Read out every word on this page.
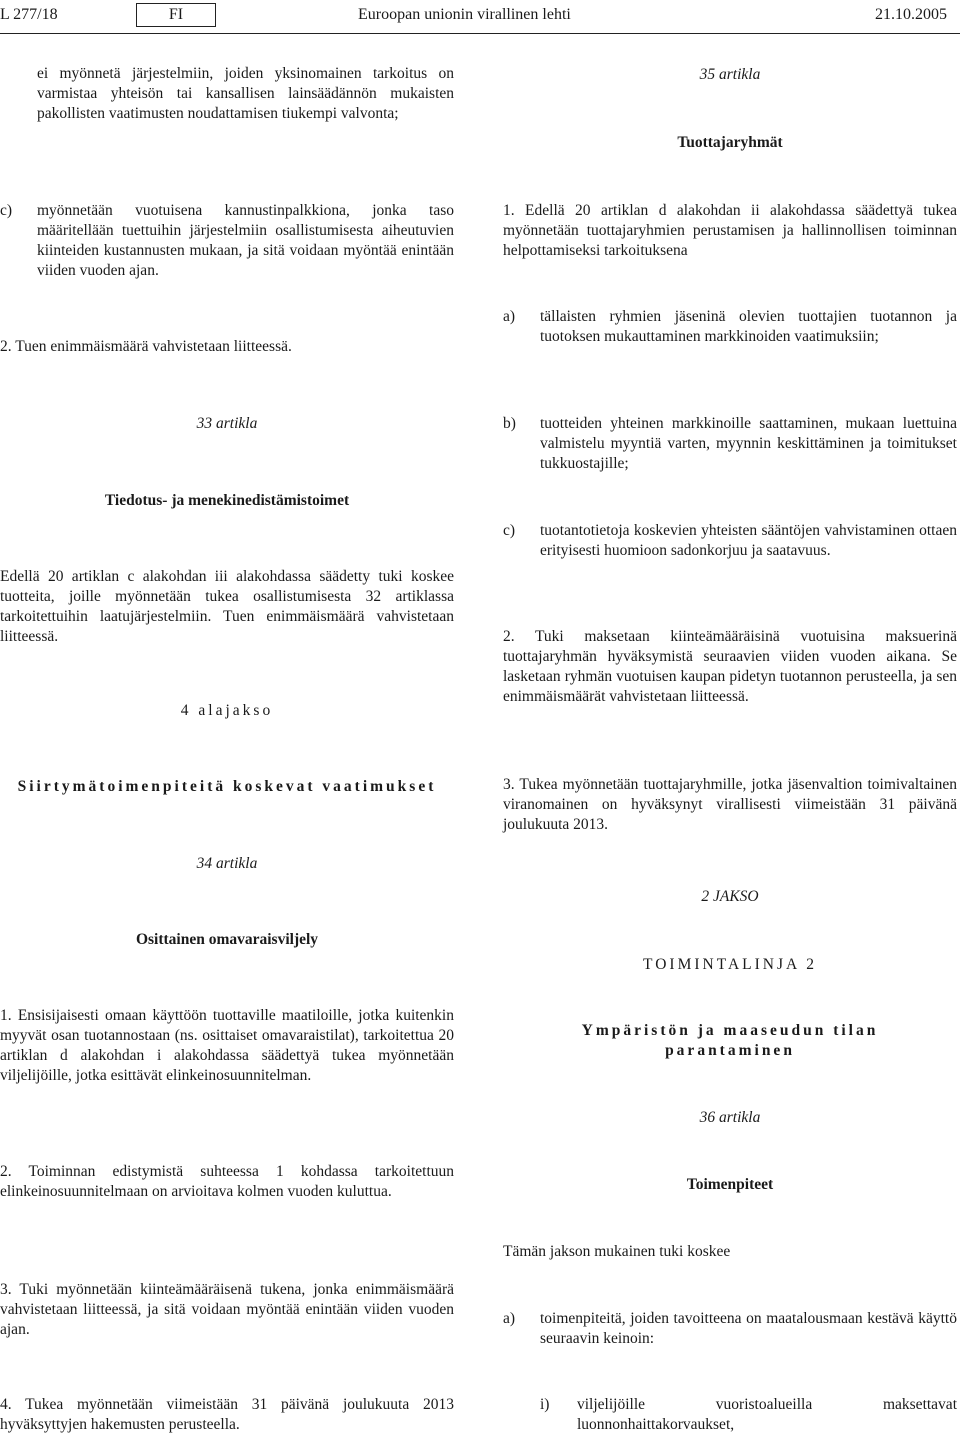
L 277/18	FI	Euroopan unionin virallinen lehti	21.10.2005
ei myönnetä järjestelmiin, joiden yksinomainen tarkoitus on varmistaa yhteisön tai kansallisen lainsäädännön mukaisten pakollisten vaatimusten noudattamisen tiukempi valvonta;
c) myönnetään vuotuisena kannustinpalkkiona, jonka taso määritellään tuettuihin järjestelmiin osallistumisesta aiheutuvien kiinteiden kustannusten mukaan, ja sitä voidaan myöntää enintään viiden vuoden ajan.
2. Tuen enimmäismäärä vahvistetaan liitteessä.
33 artikla
Tiedotus- ja menekinedistämistoimet
Edellä 20 artiklan c alakohdan iii alakohdassa säädetty tuki koskee tuotteita, joille myönnetään tukea osallistumisesta 32 artiklassa tarkoitettuihin laatujärjestelmiin. Tuen enimmäismäärä vahvistetaan liitteessä.
4 alajakso
Siirtymätoimenpiteitä koskevat vaatimukset
34 artikla
Osittainen omavaraisviljely
1. Ensisijaisesti omaan käyttöön tuottaville maatiloille, jotka kuitenkin myyvät osan tuotannostaan (ns. osittaiset omavaraistilat), tarkoitettua 20 artiklan d alakohdan i alakohdassa säädettyä tukea myönnetään viljelijöille, jotka esittävät elinkeinosuunnitelman.
2. Toiminnan edistymistä suhteessa 1 kohdassa tarkoitettuun elinkeinosuunnitelmaan on arvioitava kolmen vuoden kuluttua.
3. Tuki myönnetään kiinteämääräisenä tukena, jonka enimmäismäärä vahvistetaan liitteessä, ja sitä voidaan myöntää enintään viiden vuoden ajan.
4. Tukea myönnetään viimeistään 31 päivänä joulukuuta 2013 hyväksyttyjen hakemusten perusteella.
35 artikla
Tuottajaryhmät
1. Edellä 20 artiklan d alakohdan ii alakohdassa säädettyä tukea myönnetään tuottajaryhmien perustamisen ja hallinnollisen toiminnan helpottamiseksi tarkoituksena
a) tällaisten ryhmien jäseninä olevien tuottajien tuotannon ja tuotoksen mukauttaminen markkinoiden vaatimuksiin;
b) tuotteiden yhteinen markkinoille saattaminen, mukaan luettuina valmistelu myyntiä varten, myynnin keskittäminen ja toimitukset tukkuostajille;
c) tuotantotietoja koskevien yhteisten sääntöjen vahvistaminen ottaen erityisesti huomioon sadonkorjuu ja saatavuus.
2. Tuki maksetaan kiinteämääräisinä vuotuisina maksuerinä tuottajaryhmän hyväksymistä seuraavien viiden vuoden aikana. Se lasketaan ryhmän vuotuisen kaupan pidetyn tuotannon perusteella, ja sen enimmäismäärät vahvistetaan liitteessä.
3. Tukea myönnetään tuottajaryhmille, jotka jäsenvaltion toimivaltainen viranomainen on hyväksynyt virallisesti viimeistään 31 päivänä joulukuuta 2013.
2 JAKSO
TOIMINTALINJA 2
Ympäristön ja maaseudun tilan
parantaminen
36 artikla
Toimenpiteet
Tämän jakson mukainen tuki koskee
a) toimenpiteitä, joiden tavoitteena on maatalousmaan kestävä käyttö seuraavin keinoin:
i) viljelijöille vuoristoalueilla maksettavat luonnonhaittakorvaukset,
